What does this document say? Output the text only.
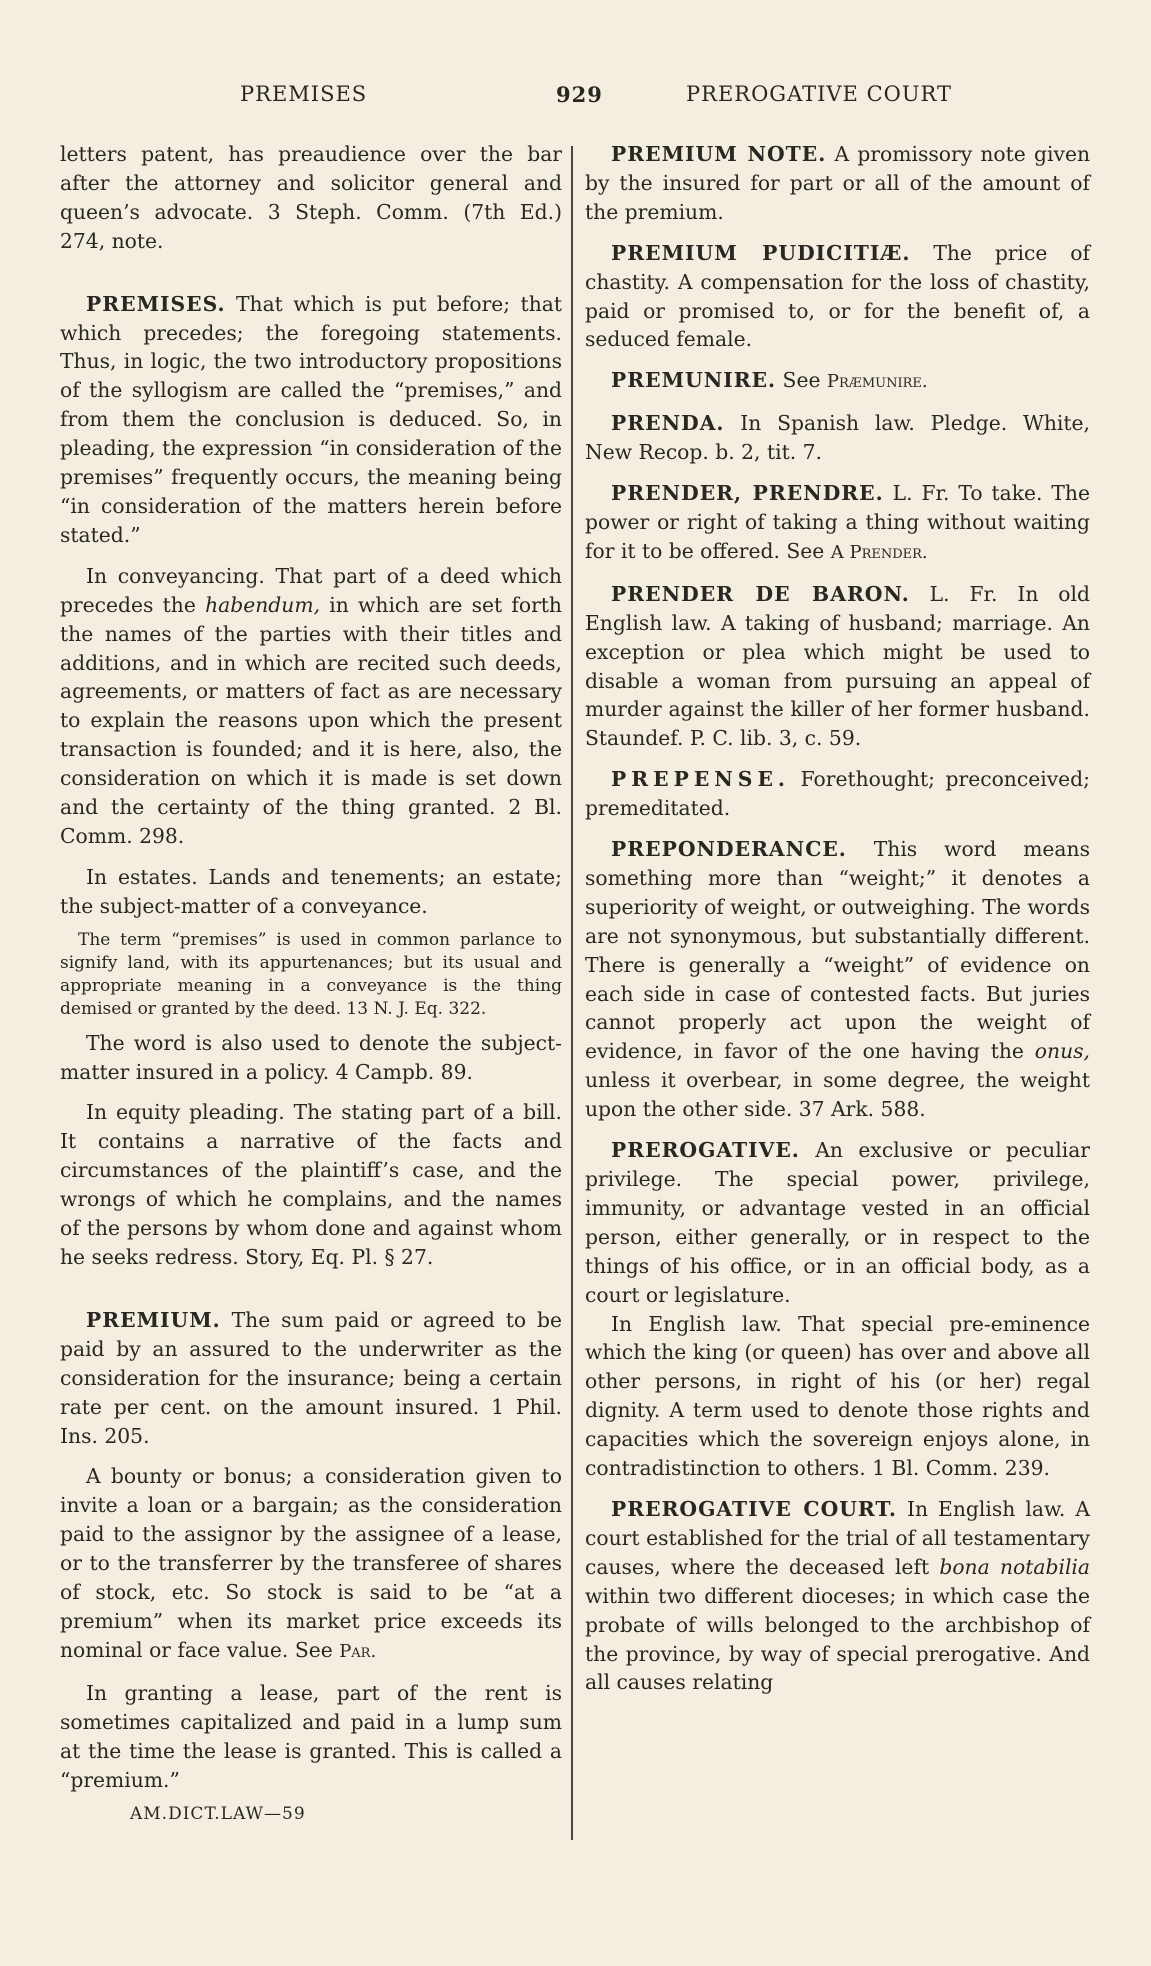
PREMISES	929	PREROGATIVE COURT

letters patent, has preaudience over the bar after the attorney and solicitor general and queen’s advocate. 3 Steph. Comm. (7th Ed.) 274, note.

PREMISES. That which is put before; that which precedes; the foregoing statements. Thus, in logic, the two introductory propositions of the syllogism are called the “premises,” and from them the conclusion is deduced. So, in pleading, the expression “in consideration of the premises” frequently occurs, the meaning being “in consideration of the matters herein before stated.”

In conveyancing. That part of a deed which precedes the habendum, in which are set forth the names of the parties with their titles and additions, and in which are recited such deeds, agreements, or matters of fact as are necessary to explain the reasons upon which the present transaction is founded; and it is here, also, the consideration on which it is made is set down and the certainty of the thing granted. 2 Bl. Comm. 298.

In estates. Lands and tenements; an estate; the subject-matter of a conveyance.

The term “premises” is used in common parlance to signify land, with its appurtenances; but its usual and appropriate meaning in a conveyance is the thing demised or granted by the deed. 13 N. J. Eq. 322.

The word is also used to denote the subject-matter insured in a policy. 4 Campb. 89.

In equity pleading. The stating part of a bill. It contains a narrative of the facts and circumstances of the plaintiff’s case, and the wrongs of which he complains, and the names of the persons by whom done and against whom he seeks redress. Story, Eq. Pl. § 27.

PREMIUM. The sum paid or agreed to be paid by an assured to the underwriter as the consideration for the insurance; being a certain rate per cent. on the amount insured. 1 Phil. Ins. 205.

A bounty or bonus; a consideration given to invite a loan or a bargain; as the consideration paid to the assignor by the assignee of a lease, or to the transferrer by the transferee of shares of stock, etc. So stock is said to be “at a premium” when its market price exceeds its nominal or face value. See Par.

In granting a lease, part of the rent is sometimes capitalized and paid in a lump sum at the time the lease is granted. This is called a “premium.”

AM.DICT.LAW—59

PREMIUM NOTE. A promissory note given by the insured for part or all of the amount of the premium.

PREMIUM PUDICITIÆ. The price of chastity. A compensation for the loss of chastity, paid or promised to, or for the benefit of, a seduced female.

PREMUNIRE. See Præmunire.

PRENDA. In Spanish law. Pledge. White, New Recop. b. 2, tit. 7.

PRENDER, PRENDRE. L. Fr. To take. The power or right of taking a thing without waiting for it to be offered. See A Prender.

PRENDER DE BARON. L. Fr. In old English law. A taking of husband; marriage. An exception or plea which might be used to disable a woman from pursuing an appeal of murder against the killer of her former husband. Staundef. P. C. lib. 3, c. 59.

PREPENSE. Forethought; preconceived; premeditated.

PREPONDERANCE. This word means something more than “weight;” it denotes a superiority of weight, or outweighing. The words are not synonymous, but substantially different. There is generally a “weight” of evidence on each side in case of contested facts. But juries cannot properly act upon the weight of evidence, in favor of the one having the onus, unless it overbear, in some degree, the weight upon the other side. 37 Ark. 588.

PREROGATIVE. An exclusive or peculiar privilege. The special power, privilege, immunity, or advantage vested in an official person, either generally, or in respect to the things of his office, or in an official body, as a court or legislature.

In English law. That special pre-eminence which the king (or queen) has over and above all other persons, in right of his (or her) regal dignity. A term used to denote those rights and capacities which the sovereign enjoys alone, in contradistinction to others. 1 Bl. Comm. 239.

PREROGATIVE COURT. In English law. A court established for the trial of all testamentary causes, where the deceased left bona notabilia within two different dioceses; in which case the probate of wills belonged to the archbishop of the province, by way of special prerogative. And all causes relating
